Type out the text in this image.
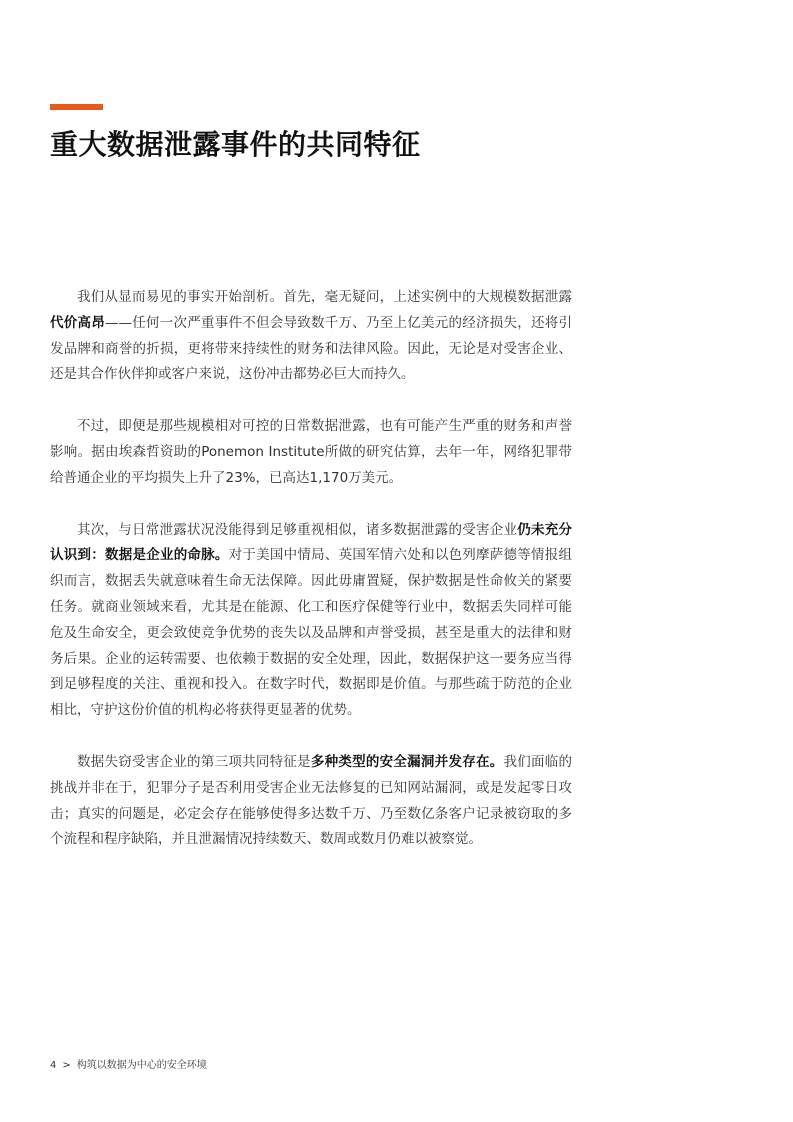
重大数据泄露事件的共同特征

我们从显而易见的事实开始剖析。首先，毫无疑问，上述实例中的大规模数据泄露代价高昂——任何一次严重事件不但会导致数千万、乃至上亿美元的经济损失，还将引发品牌和商誉的折损，更将带来持续性的财务和法律风险。因此，无论是对受害企业、还是其合作伙伴抑或客户来说，这份冲击都势必巨大而持久。

不过，即便是那些规模相对可控的日常数据泄露，也有可能产生严重的财务和声誉影响。据由埃森哲资助的Ponemon Institute所做的研究估算，去年一年，网络犯罪带给普通企业的平均损失上升了23%，已高达1,170万美元。

其次，与日常泄露状况没能得到足够重视相似，诸多数据泄露的受害企业仍未充分认识到：数据是企业的命脉。对于美国中情局、英国军情六处和以色列摩萨德等情报组织而言，数据丢失就意味着生命无法保障。因此毋庸置疑，保护数据是性命攸关的紧要任务。就商业领域来看，尤其是在能源、化工和医疗保健等行业中，数据丢失同样可能危及生命安全，更会致使竞争优势的丧失以及品牌和声誉受损，甚至是重大的法律和财务后果。企业的运转需要、也依赖于数据的安全处理，因此，数据保护这一要务应当得到足够程度的关注、重视和投入。在数字时代，数据即是价值。与那些疏于防范的企业相比，守护这份价值的机构必将获得更显著的优势。

数据失窃受害企业的第三项共同特征是多种类型的安全漏洞并发存在。我们面临的挑战并非在于，犯罪分子是否利用受害企业无法修复的已知网站漏洞，或是发起零日攻击；真实的问题是，必定会存在能够使得多达数千万、乃至数亿条客户记录被窃取的多个流程和程序缺陷，并且泄漏情况持续数天、数周或数月仍难以被察觉。

4 > 构筑以数据为中心的安全环境
